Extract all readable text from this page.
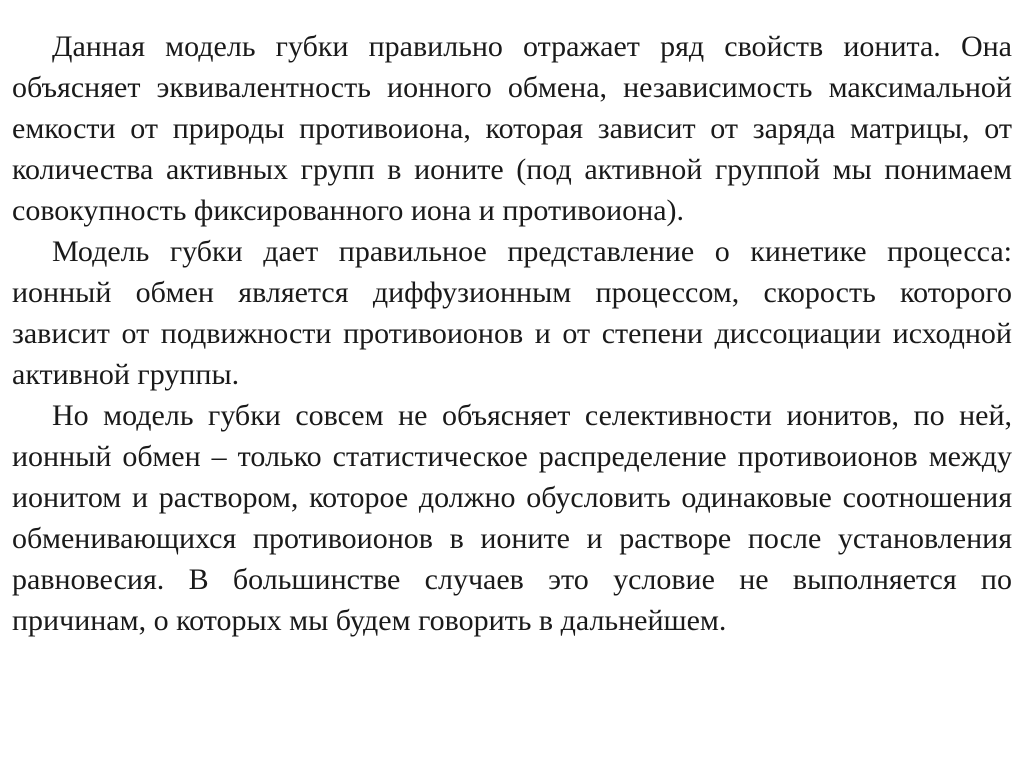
Данная модель губки правильно отражает ряд свойств ионита. Она объясняет эквивалентность ионного обмена, независимость максимальной емкости от природы противоиона, которая зависит от заряда матрицы, от количества активных групп в ионите (под активной группой мы понимаем совокупность фиксированного иона и противоиона).

Модель губки дает правильное представление о кинетике процесса: ионный обмен является диффузионным процессом, скорость которого зависит от подвижности противоионов и от степени диссоциации исходной активной группы.

Но модель губки совсем не объясняет селективности ионитов, по ней, ионный обмен – только статистическое распределение противоионов между ионитом и раствором, которое должно обусловить одинаковые соотношения обменивающихся противоионов в ионите и растворе после установления равновесия. В большинстве случаев это условие не выполняется по причинам, о которых мы будем говорить в дальнейшем.
